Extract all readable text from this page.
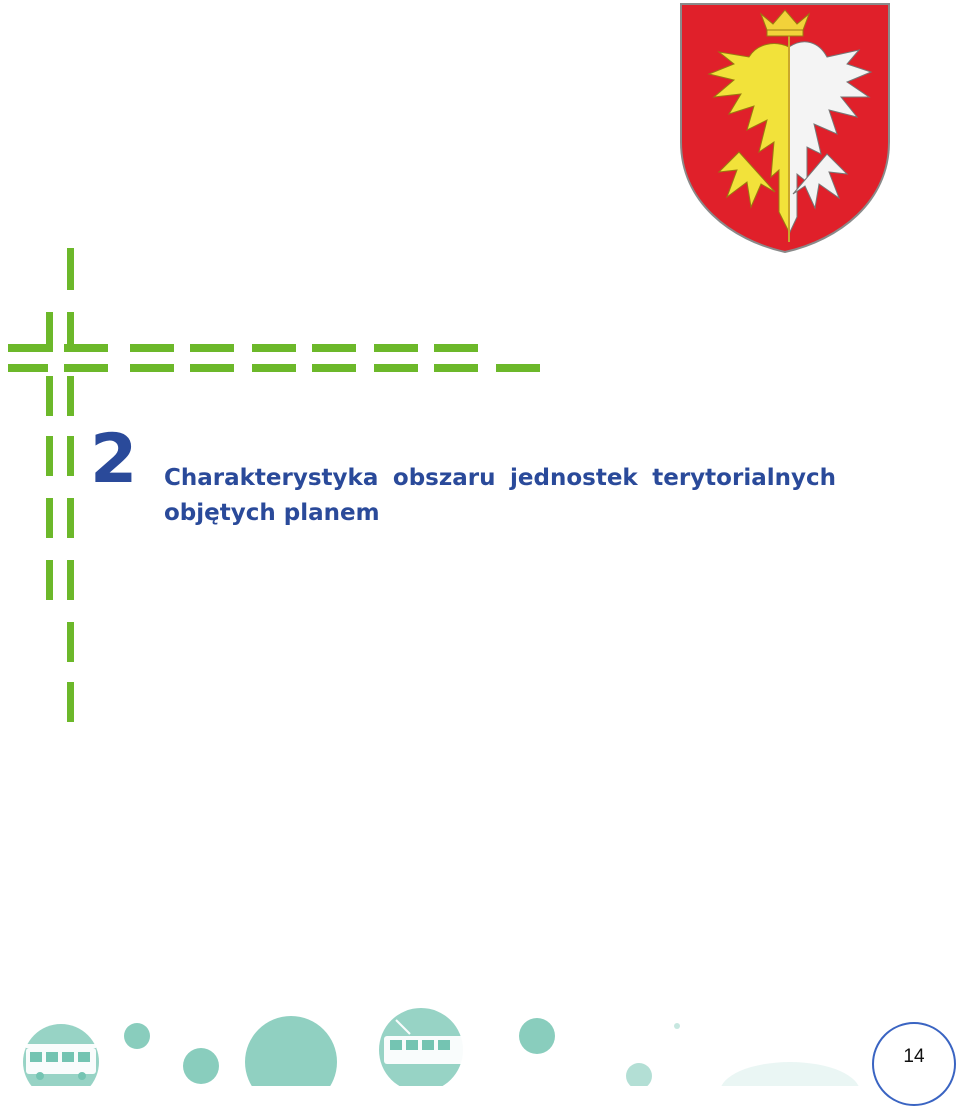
2 Charakterystyka obszaru jednostek terytorialnych
objętych planem
14
